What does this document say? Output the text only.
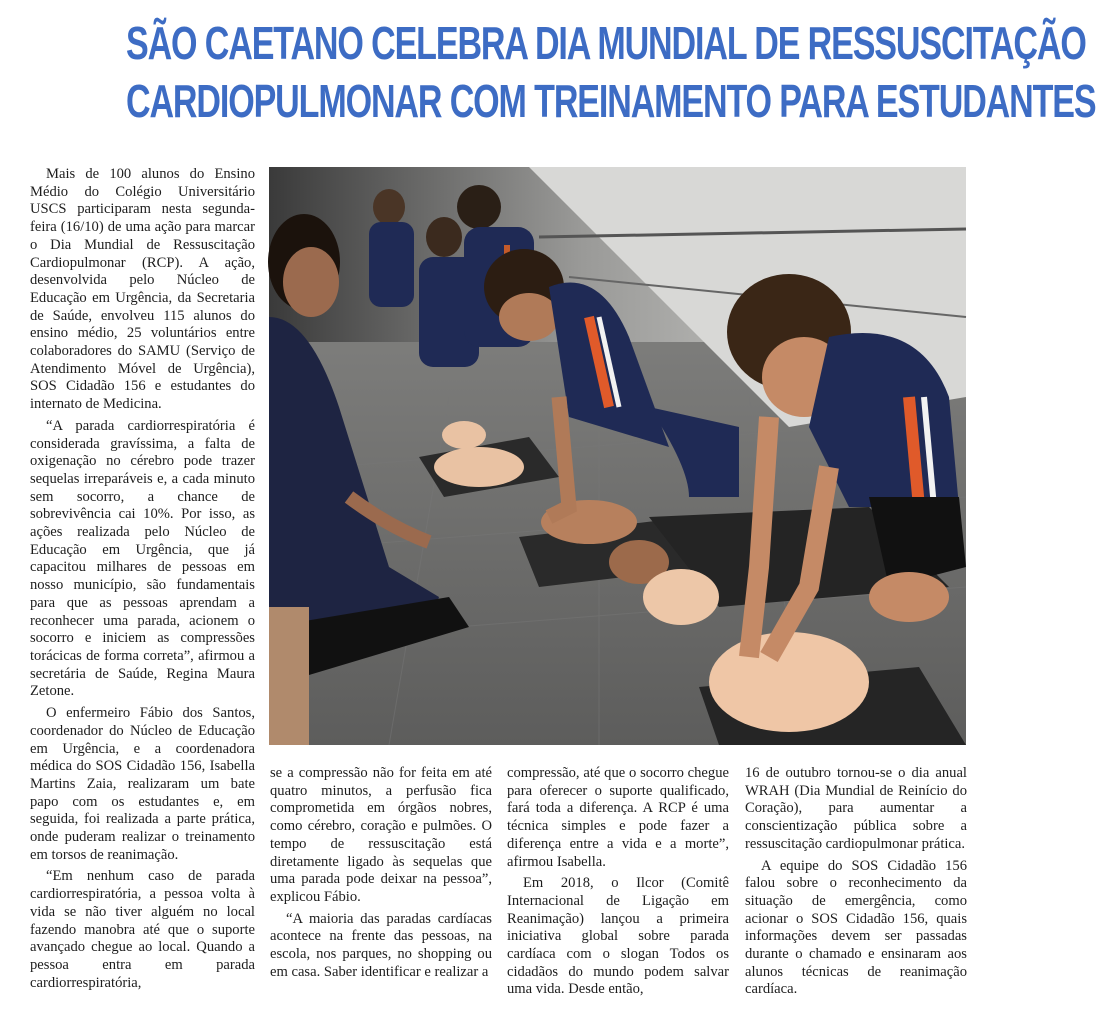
SÃO CAETANO CELEBRA DIA MUNDIAL DE RESSUSCITAÇÃO
CARDIOPULMONAR COM TREINAMENTO PARA ESTUDANTES

Mais de 100 alunos do Ensino Médio do Colégio Universitário USCS participaram nesta segunda-feira (16/10) de uma ação para marcar o Dia Mundial de Ressuscitação Cardiopulmonar (RCP). A ação, desenvolvida pelo Núcleo de Educação em Urgência, da Secretaria de Saúde, envolveu 115 alunos do ensino médio, 25 voluntários entre colaboradores do SAMU (Serviço de Atendimento Móvel de Urgência), SOS Cidadão 156 e estudantes do internato de Medicina.

“A parada cardiorrespiratória é considerada gravíssima, a falta de oxigenação no cérebro pode trazer sequelas irreparáveis e, a cada minuto sem socorro, a chance de sobrevivência cai 10%. Por isso, as ações realizada pelo Núcleo de Educação em Urgência, que já capacitou milhares de pessoas em nosso município, são fundamentais para que as pessoas aprendam a reconhecer uma parada, acionem o socorro e iniciem as compressões torácicas de forma correta”, afirmou a secretária de Saúde, Regina Maura Zetone.

O enfermeiro Fábio dos Santos, coordenador do Núcleo de Educação em Urgência, e a coordenadora médica do SOS Cidadão 156, Isabella Martins Zaia, realizaram um bate papo com os estudantes e, em seguida, foi realizada a parte prática, onde puderam realizar o treinamento em torsos de reanimação.

“Em nenhum caso de parada cardiorrespiratória, a pessoa volta à vida se não tiver alguém no local fazendo manobra até que o suporte avançado chegue ao local. Quando a pessoa entra em parada cardiorrespiratória,

se a compressão não for feita em até quatro minutos, a perfusão fica comprometida em órgãos nobres, como cérebro, coração e pulmões. O tempo de ressuscitação está diretamente ligado às sequelas que uma parada pode deixar na pessoa”, explicou Fábio.

“A maioria das paradas cardíacas acontece na frente das pessoas, na escola, nos parques, no shopping ou em casa. Saber identificar e realizar a

compressão, até que o socorro chegue para oferecer o suporte qualificado, fará toda a diferença. A RCP é uma técnica simples e pode fazer a diferença entre a vida e a morte”, afirmou Isabella.

Em 2018, o Ilcor (Comitê Internacional de Ligação em Reanimação) lançou a primeira iniciativa global sobre parada cardíaca com o slogan Todos os cidadãos do mundo podem salvar uma vida. Desde então,

16 de outubro tornou-se o dia anual WRAH (Dia Mundial de Reinício do Coração), para aumentar a conscientização pública sobre a ressuscitação cardiopulmonar prática.

A equipe do SOS Cidadão 156 falou sobre o reconhecimento da situação de emergência, como acionar o SOS Cidadão 156, quais informações devem ser passadas durante o chamado e ensinaram aos alunos técnicas de reanimação cardíaca.
